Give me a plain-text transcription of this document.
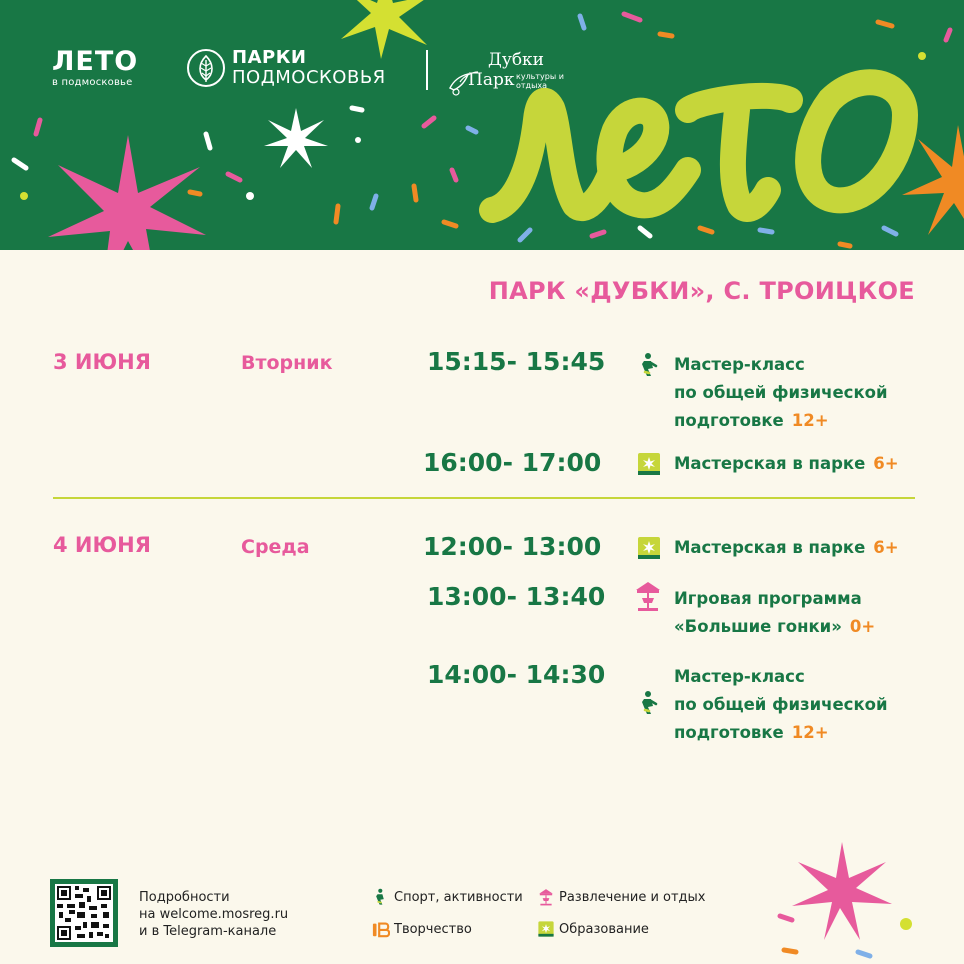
ЛЕТО
в подмосковье
ПАРКИ
ПОДМОСКОВЬЯ
Дубки
Парк культуры и отдыха
ПАРК «ДУБКИ», С. ТРОИЦКОЕ
3 ИЮНЯ	Вторник	15:15- 15:45	Мастер-класс
по общей физической
подготовке 12+
16:00- 17:00	Мастерская в парке 6+
4 ИЮНЯ	Среда	12:00- 13:00	Мастерская в парке 6+
13:00- 13:40	Игровая программа
«Большие гонки» 0+
14:00- 14:30	Мастер-класс
по общей физической
подготовке 12+
Подробности
на welcome.mosreg.ru
и в Telegram-канале
Спорт, активности	Развлечение и отдых
Творчество	Образование
